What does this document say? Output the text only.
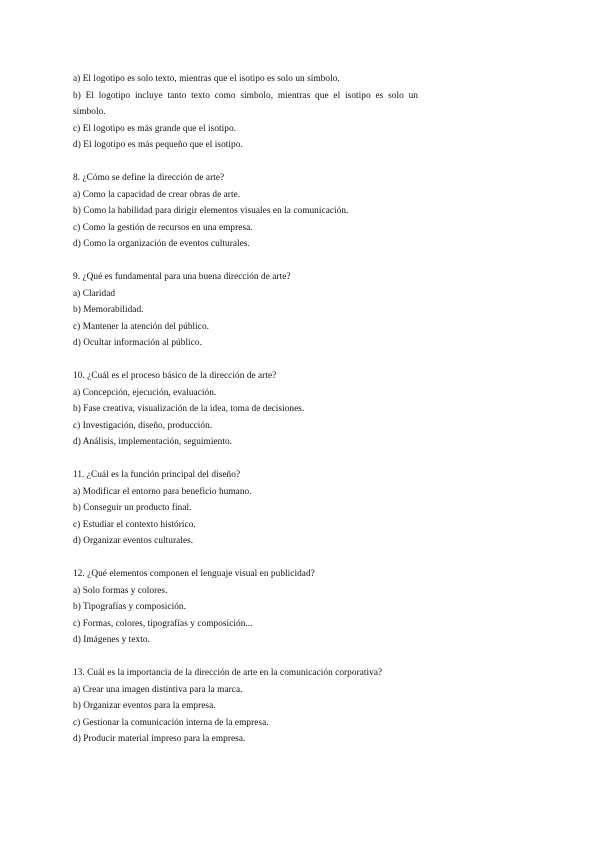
a) El logotipo es solo texto, mientras que el isotipo es solo un símbolo.

b) El logotipo incluye tanto texto como símbolo, mientras que el isotipo es solo un símbolo.

c) El logotipo es más grande que el isotipo.

d) El logotipo es más pequeño que el isotipo.

8. ¿Cómo se define la dirección de arte?

a) Como la capacidad de crear obras de arte.

b) Como la habilidad para dirigir elementos visuales en la comunicación.

c) Como la gestión de recursos en una empresa.

d) Como la organización de eventos culturales.

9. ¿Qué es fundamental para una buena dirección de arte?

a) Claridad

b) Memorabilidad.

c) Mantener la atención del público.

d) Ocultar información al público.

10. ¿Cuál es el proceso básico de la dirección de arte?

a) Concepción, ejecución, evaluación.

b) Fase creativa, visualización de la idea, toma de decisiones.

c) Investigación, diseño, producción.

d) Análisis, implementación, seguimiento.

11. ¿Cuál es la función principal del diseño?

a) Modificar el entorno para beneficio humano.

b) Conseguir un producto final.

c) Estudiar el contexto histórico.

d) Organizar eventos culturales.

12. ¿Qué elementos componen el lenguaje visual en publicidad?

a) Solo formas y colores.

b) Tipografías y composición.

c) Formas, colores, tipografías y composición...

d) Imágenes y texto.

13. Cuál es la importancia de la dirección de arte en la comunicación corporativa?

a) Crear una imagen distintiva para la marca.

b) Organizar eventos para la empresa.

c) Gestionar la comunicación interna de la empresa.

d) Producir material impreso para la empresa.
